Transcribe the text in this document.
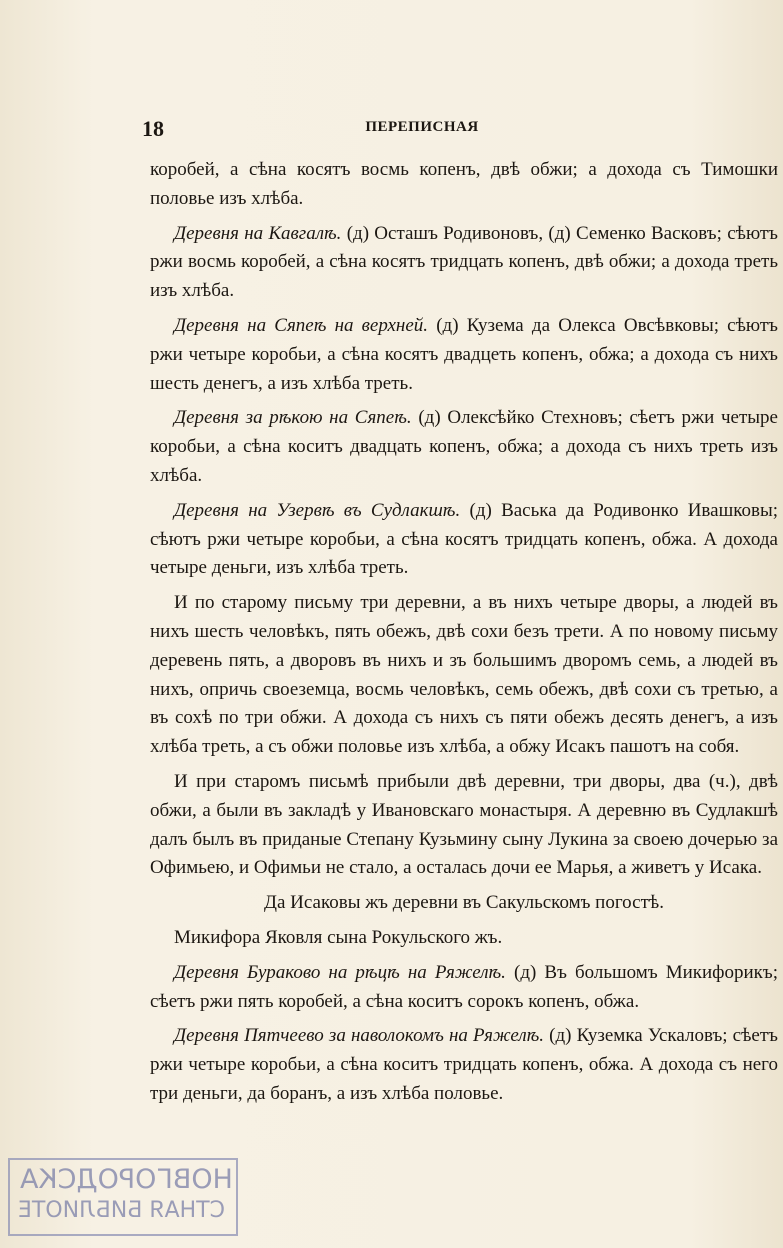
18	ПЕРЕПИСНАЯ

коробей, а сѣна косятъ восмь копенъ, двѣ обжи; а дохода съ Тимошки половье изъ хлѣба.

Деревня на Кавгалѣ. (д) Осташъ Родивоновъ, (д) Семенко Васковъ; сѣютъ ржи восмь коробей, а сѣна косятъ тридцать копенъ, двѣ обжи; а дохода треть изъ хлѣба.

Деревня на Сяпеѣ на верхней. (д) Кузема да Олекса Овсѣвковы; сѣютъ ржи четыре коробьи, а сѣна косятъ двадцеть копенъ, обжа; а дохода съ нихъ шесть денегъ, а изъ хлѣба треть.

Деревня за рѣкою на Сяпеѣ. (д) Олексѣйко Стехновъ; сѣетъ ржи четыре коробьи, а сѣна коситъ двадцать копенъ, обжа; а дохода съ нихъ треть изъ хлѣба.

Деревня на Узервѣ въ Судлакшѣ. (д) Васька да Родивонко Ивашковы; сѣютъ ржи четыре коробьи, а сѣна косятъ тридцать копенъ, обжа. А дохода четыре деньги, изъ хлѣба треть.

И по старому письму три деревни, а въ нихъ четыре дворы, а людей въ нихъ шесть человѣкъ, пять обежъ, двѣ сохи безъ трети. А по новому письму деревень пять, а дворовъ въ нихъ и зъ большимъ дворомъ семь, а людей въ нихъ, опричь своеземца, восмь человѣкъ, семь обежъ, двѣ сохи съ третью, а въ сохѣ по три обжи. А дохода съ нихъ съ пяти обежъ десять денегъ, а изъ хлѣба треть, а съ обжи половье изъ хлѣба, а обжу Исакъ пашотъ на собя.

И при старомъ письмѣ прибыли двѣ деревни, три дворы, два (ч.), двѣ обжи, а были въ закладѣ у Ивановскаго монастыря. А деревню въ Судлакшѣ далъ былъ въ приданые Степану Кузьмину сыну Лукина за своею дочерью за Офимьею, и Офимьи не стало, а осталась дочи ее Марья, а живетъ у Исака.

Да Исаковы жъ деревни въ Сакульскомъ погостѣ.

Микифора Яковля сына Рокульского жъ.

Деревня Бураково на рѣцѣ на Ряжелѣ. (д) Въ большомъ Микифорикъ; сѣетъ ржи пять коробей, а сѣна коситъ сорокъ копенъ, обжа.

Деревня Пятчеево за наволокомъ на Ряжелѣ. (д) Куземка Ускаловъ; сѣетъ ржи четыре коробьи, а сѣна коситъ тридцать копенъ, обжа. А дохода съ него три деньги, да боранъ, а изъ хлѣба половье.

НОВГОРОДСКА
СТНАЯ БИБЛИОТЕ
